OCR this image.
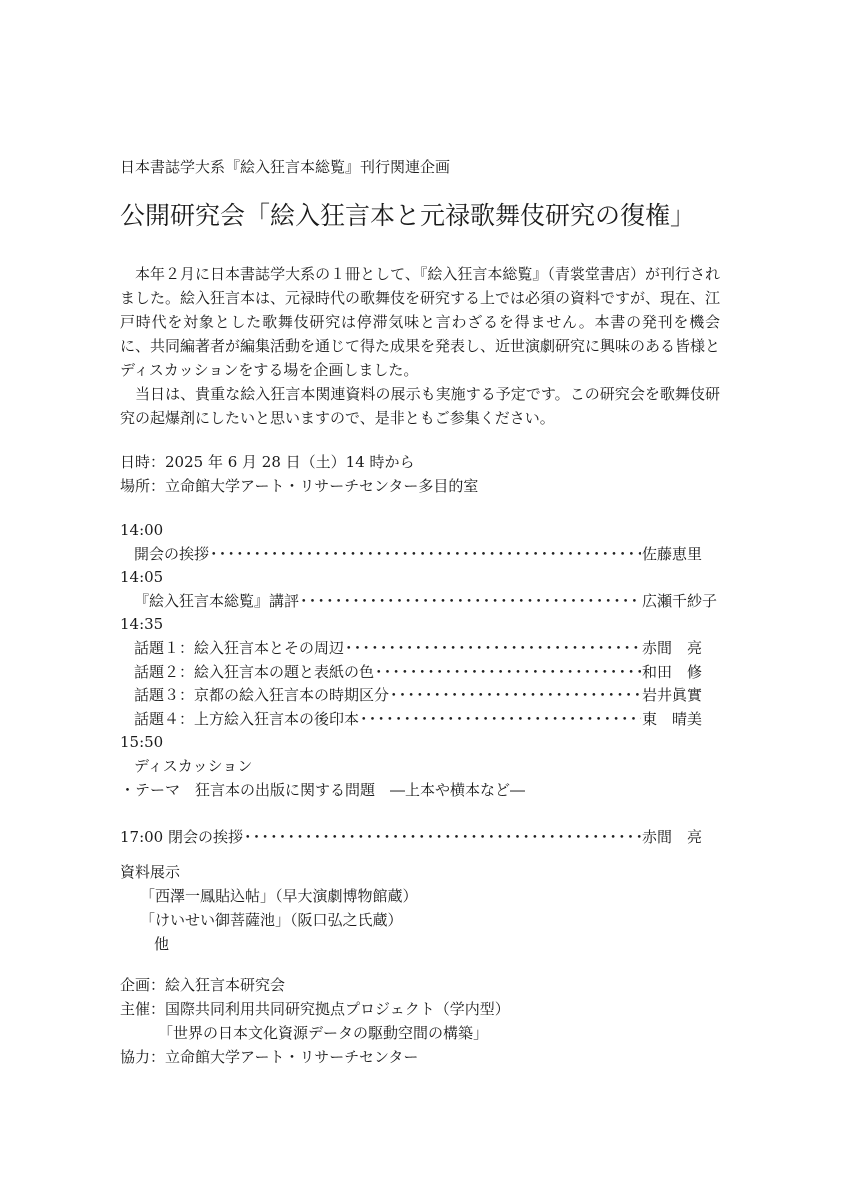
日本書誌学大系『絵入狂言本総覧』刊行関連企画
公開研究会「絵入狂言本と元禄歌舞伎研究の復権」

本年２月に日本書誌学大系の１冊として、『絵入狂言本総覧』（青裳堂書店）が刊行されました。絵入狂言本は、元禄時代の歌舞伎を研究する上では必須の資料ですが、現在、江戸時代を対象とした歌舞伎研究は停滞気味と言わざるを得ません。本書の発刊を機会に、共同編著者が編集活動を通じて得た成果を発表し、近世演劇研究に興味のある皆様とディスカッションをする場を企画しました。

当日は、貴重な絵入狂言本関連資料の展示も実施する予定です。この研究会を歌舞伎研究の起爆剤にしたいと思いますので、是非ともご参集ください。

日時：2025 年 6 月 28 日（土）14 時から
場所：立命館大学アート・リサーチセンター多目的室
14:00
開会の挨拶 ･･････････････････････････････････････････････････････････････････････････････････････････････････････････････････	佐藤恵里
14:05
『絵入狂言本総覧』講評 ･･････････････････････････････････････････････････････････････････････････････････････････････････････････････････	広瀬千紗子
14:35
話題１：絵入狂言本とその周辺 ･･････････････････････････････････････････････････････････････････････････････････････････････････････････････････	赤間　亮
話題２：絵入狂言本の題と表紙の色 ･･････････････････････････････････････････････････････････････････････････････････････････････････････････････････	和田　修
話題３：京都の絵入狂言本の時期区分 ･･････････････････････････････････････････････････････････････････････････････････････････････････････････････････	岩井眞實
話題４：上方絵入狂言本の後印本 ･･････････････････････････････････････････････････････････････････････････････････････････････････････････････････	東　晴美
15:50
ディスカッション
・テーマ　狂言本の出版に関する問題　―上本や横本など―
17:00 閉会の挨拶 ･･････････････････････････････････････････････････････････････････････････････････････････････････････････････････	赤間　亮
資料展示
「西澤一鳳貼込帖」（早大演劇博物館蔵）
「けいせい御菩薩池」（阪口弘之氏蔵）
他
企画：絵入狂言本研究会
主催：国際共同利用共同研究拠点プロジェクト（学内型）
「世界の日本文化資源データの駆動空間の構築」
協力：立命館大学アート・リサーチセンター
